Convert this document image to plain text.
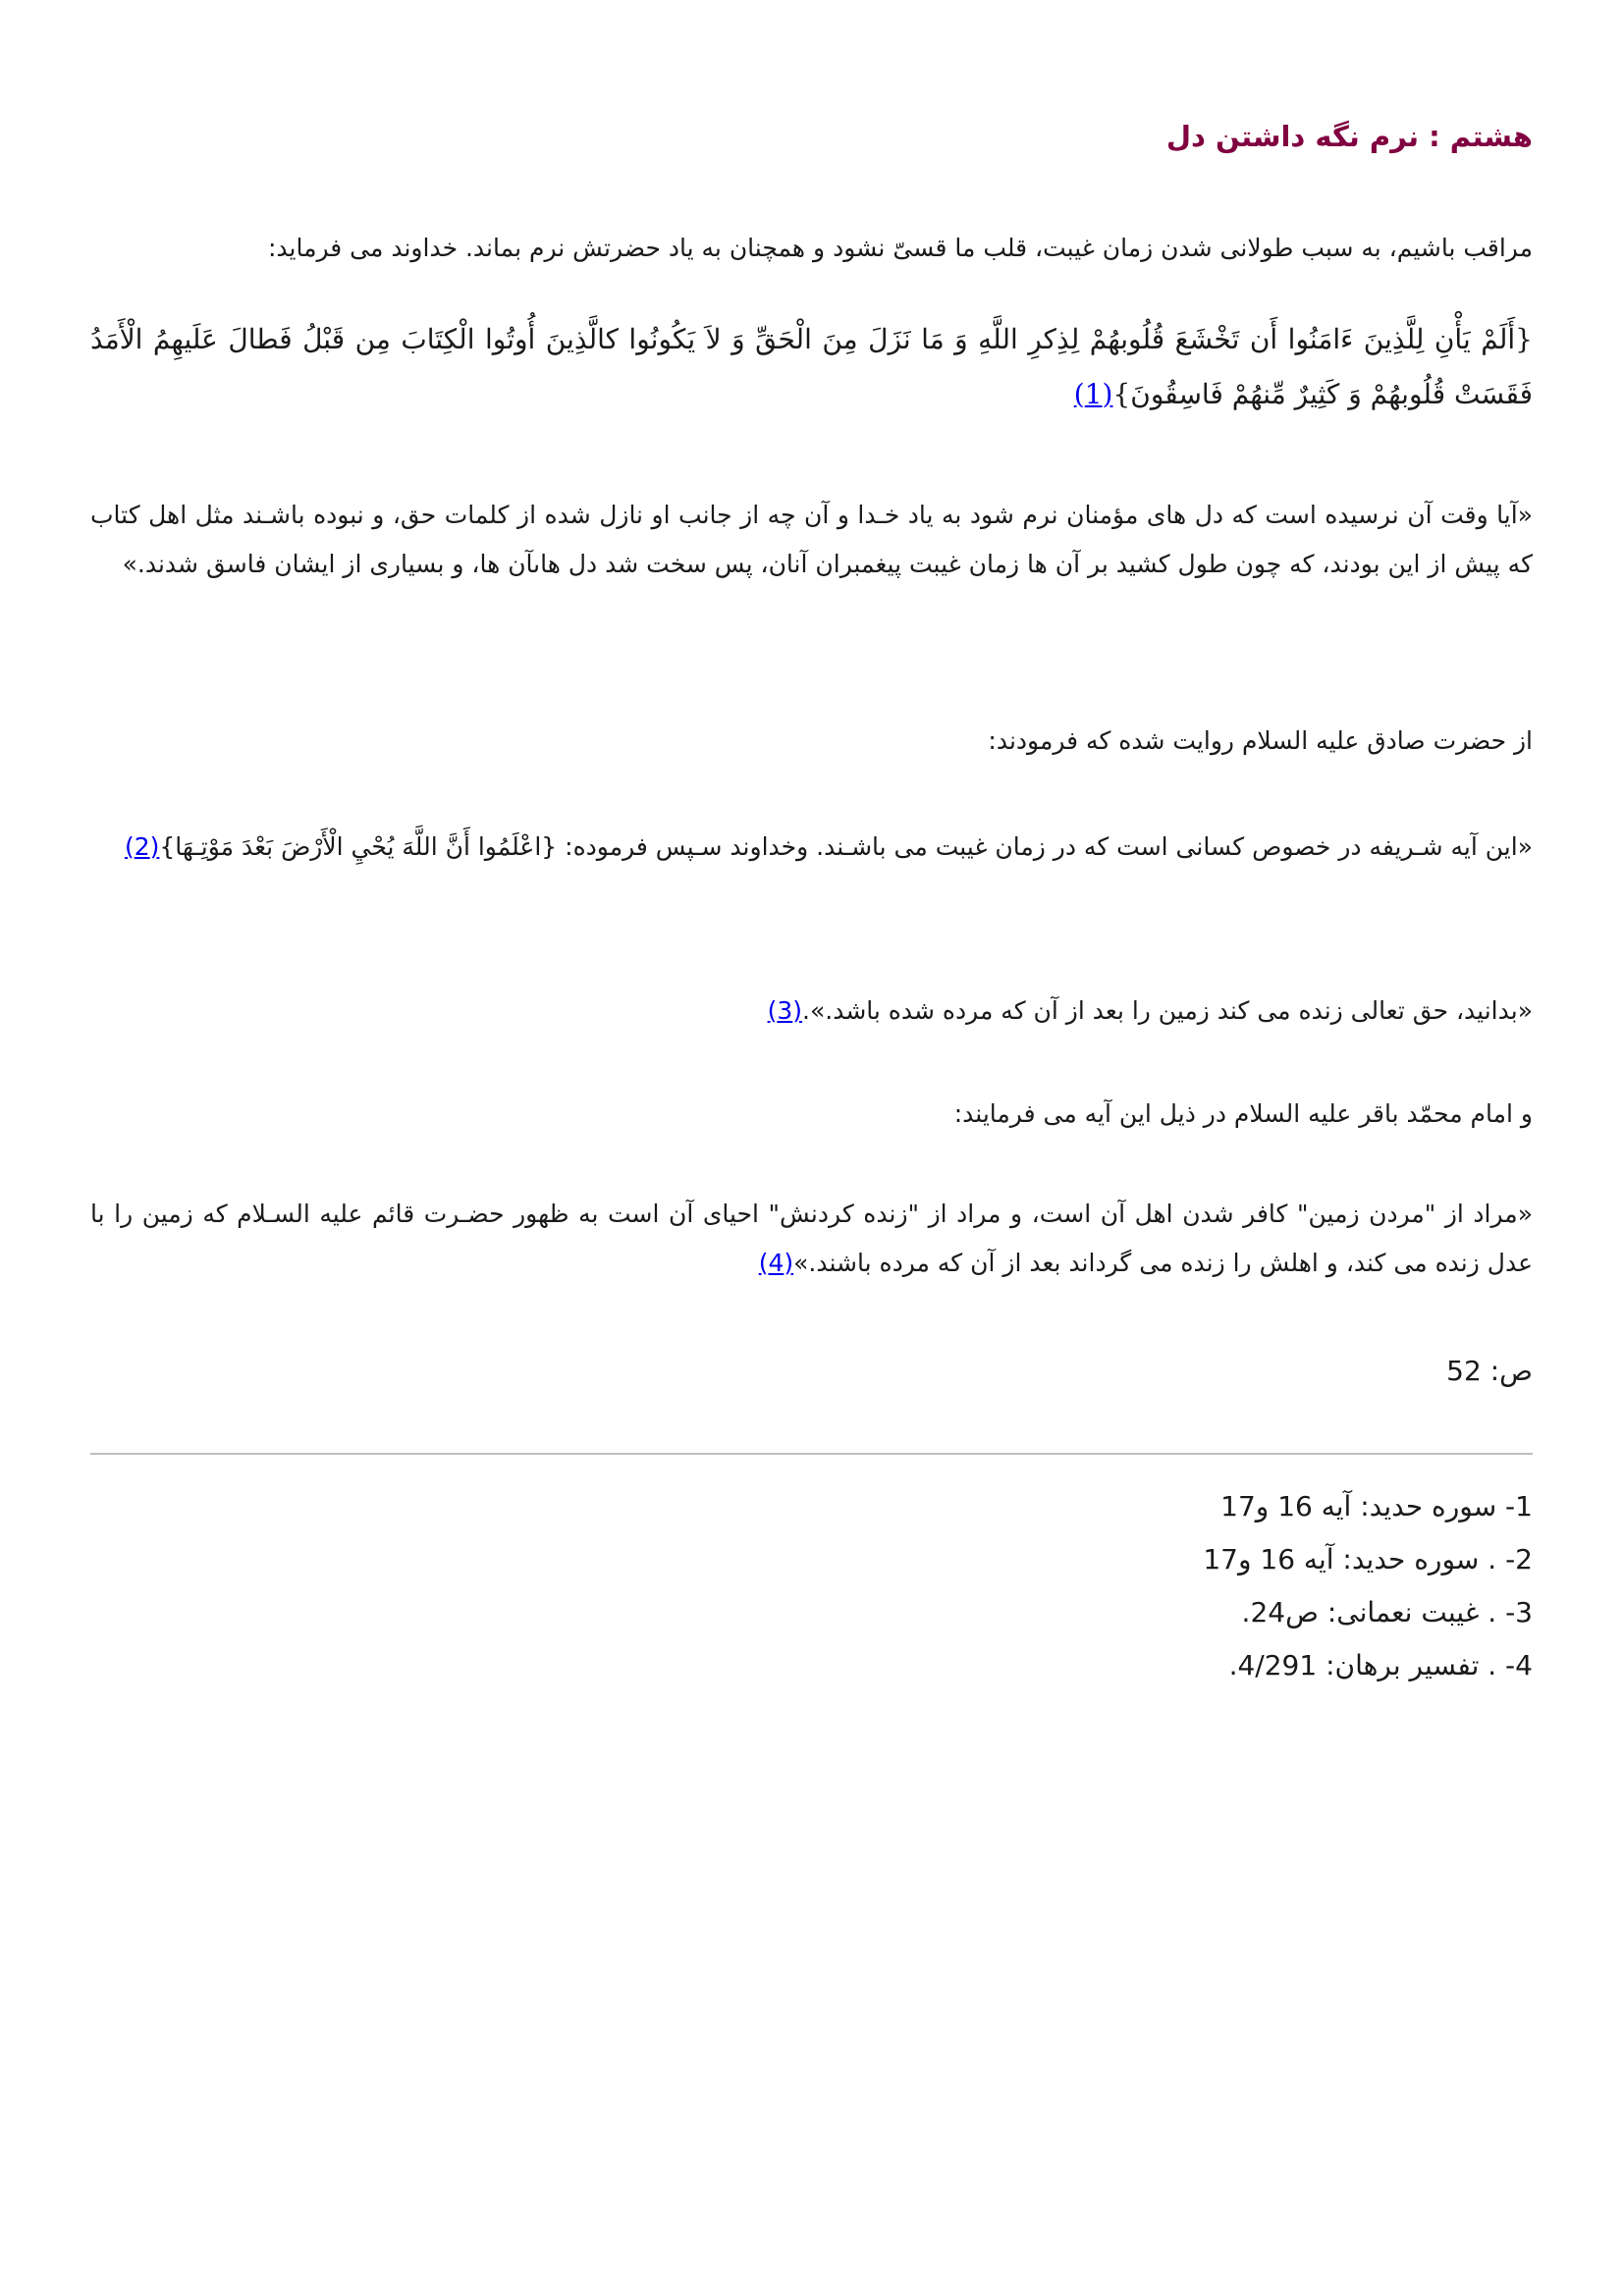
هشتم : نرم نگه داشتن دل

مراقب باشیم، به سبب طولانی شدن زمان غیبت، قلب ما قسیّ نشود و همچنان به یاد حضرتش نرم بماند. خداوند می فرماید:

{أَلَمْ يَأْنِ لِلَّذِينَ ءَامَنُوا أَن تَخْشَعَ قُلُوبهُمْ لِذِكرِ اللَّهِ وَ مَا نَزَلَ مِنَ الْحَقِّ وَ لاَ يَكُونُوا كالَّذِينَ أُوتُوا الْكِتَابَ مِن قَبْلُ فَطالَ عَلَيهِمُ الْأَمَدُ فَقَسَتْ قُلُوبهُمْ وَ كَثِيرٌ مِّنهُمْ فَاسِقُونَ}(1)

«آيا وقت آن نرسيده است كه دل هاى مؤمنان نرم شود به ياد خـدا و آن چه از جانب او نازل شده از كلمات حق، و نبوده باشـند مثل اهل كتاب كه پيش از اين بودند، كه چون طول كشيد بر آن ها زمان غيبت پيغمبران آنان، پس سخت شد دل هاىآن ها، و بسيارى از ايشان فاسق شدند.»

از حضرت صادق عليه السلام روايت شده كه فرمودند:

«اين آيه شـريفه در خصوص كسانى است كه در زمان غيبت مى باشـند. وخداوند سـپس فرموده: {اعْلَمُوا أَنَّ اللَّهَ يُحْيِ الْأَرْضَ بَعْدَ مَوْتِـهَا}(2)

«بدانيد، حق تعالى زنده مى كند زمين را بعد از آن كه مرده شده باشد.».(3)

و امام محمّد باقر عليه السلام در ذيل اين آيه مى فرمايند:

«مراد از "مردن زمين" كافر شدن اهل آن است، و مراد از "زنده كردنش" احياى آن است به ظهور حضـرت قائم عليه السـلام كه زمين را با عدل زنده مى كند، و اهلش را زنده مى گرداند بعد از آن كه مرده باشند.»(4)

ص: 52

1- سوره حديد: آيه 16 و17
2- . سوره حديد: آيه 16 و17
3- . غيبت نعمانى: ص24.
4- . تفسير برهان: 4/291.
